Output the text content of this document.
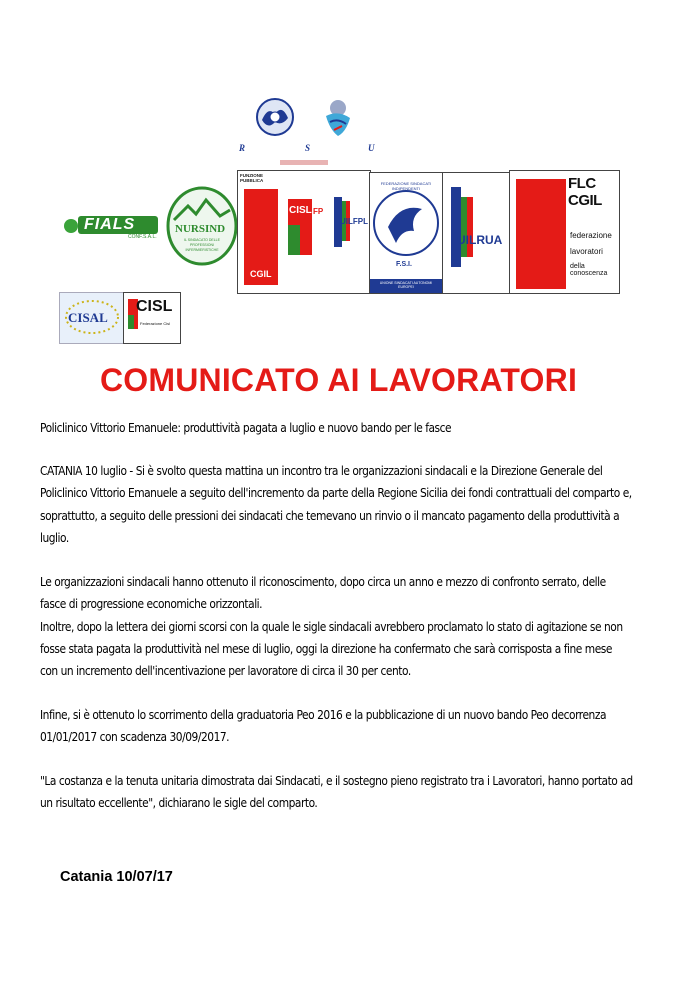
R	S	U
FIALS
CONF.S.A.L.
NURSIND
IL SINDACATO DELLE PROFESSIONI INFERMIERISTICHE
FUNZIONE PUBBLICA
CGIL
CISL FP
UILFPL
FEDERAZIONE SINDACATI INDIPENDENTI
F.S.I.
UNIONE SINDACATI AUTONOMI EUROPEI
UILRUA
FLC CGIL
federazione
lavoratori
della conoscenza
CISAL
CISL
Federazione Cisl
COMUNICATO AI LAVORATORI

Policlinico Vittorio Emanuele: produttività pagata a luglio e nuovo bando per le fasce

CATANIA 10 luglio - Si è svolto questa mattina un incontro tra le organizzazioni sindacali e la Direzione Generale del
Policlinico Vittorio Emanuele a seguito dell'incremento da parte della Regione Sicilia dei fondi contrattuali del comparto e,
soprattutto, a seguito delle pressioni dei sindacati che temevano un rinvio o il mancato pagamento della produttività a
luglio.
Le organizzazioni sindacali hanno ottenuto il riconoscimento, dopo circa un anno e mezzo di confronto serrato, delle
fasce di progressione economiche orizzontali.
Inoltre, dopo la lettera dei giorni scorsi con la quale le sigle sindacali avrebbero proclamato lo stato di agitazione se non
fosse stata pagata la produttività nel mese di luglio, oggi la direzione ha confermato che sarà corrisposta a fine mese
con un incremento dell'incentivazione per lavoratore di circa il 30 per cento.
Infine, si è ottenuto lo scorrimento della graduatoria Peo 2016 e la pubblicazione di un nuovo bando Peo decorrenza
01/01/2017 con scadenza 30/09/2017.
"La costanza e la tenuta unitaria dimostrata dai Sindacati, e il sostegno pieno registrato tra i Lavoratori, hanno portato ad
un risultato eccellente", dichiarano le sigle del comparto.
Catania 10/07/17
